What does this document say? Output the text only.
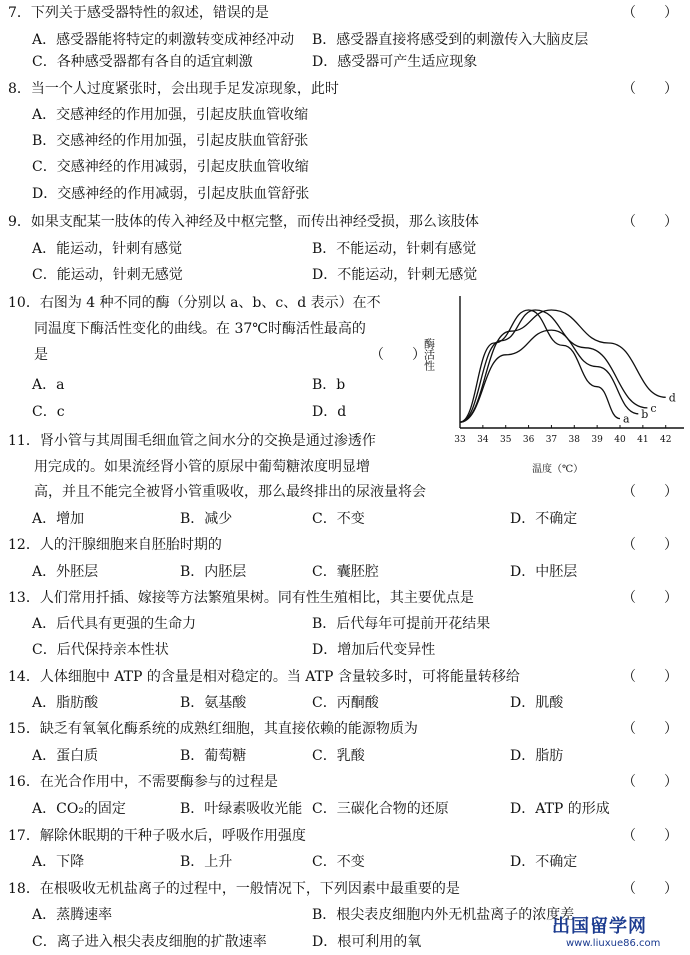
7．下列关于感受器特性的叙述，错误的是	（　　）
A．感受器能将特定的刺激转变成神经冲动 B．感受器直接将感受到的刺激传入大脑皮层
C．各种感受器都有各自的适宜刺激	D．感受器可产生适应现象
8．当一个人过度紧张时，会出现手足发凉现象，此时	（　　）
A．交感神经的作用加强，引起皮肤血管收缩
B．交感神经的作用加强，引起皮肤血管舒张
C．交感神经的作用减弱，引起皮肤血管收缩
D．交感神经的作用减弱，引起皮肤血管舒张
9．如果支配某一肢体的传入神经及中枢完整，而传出神经受损，那么该肢体	（　　）
A．能运动，针刺有感觉	B．不能运动，针刺有感觉
C．能运动，针刺无感觉	D．不能运动，针刺无感觉
10．右图为 4 种不同的酶（分别以 a、b、c、d 表示）在不
同温度下酶活性变化的曲线。在 37℃时酶活性最高的
是	（　　）
A．a	B．b
C．c	D．d	a b c
d
33 34 35 36 37 38 39 40 41 42
酶活性
温度（℃）
11．肾小管与其周围毛细血管之间水分的交换是通过渗透作
用完成的。如果流经肾小管的原尿中葡萄糖浓度明显增
高，并且不能完全被肾小管重吸收，那么最终排出的尿液量将会	（　　）
A．增加	B．减少	C．不变	D．不确定
12．人的汗腺细胞来自胚胎时期的	（　　）
A．外胚层	B．内胚层	C．囊胚腔	D．中胚层
13．人们常用扦插、嫁接等方法繁殖果树。同有性生殖相比，其主要优点是	（　　）
A．后代具有更强的生命力	B．后代每年可提前开花结果
C．后代保持亲本性状	D．增加后代变异性
14．人体细胞中 ATP 的含量是相对稳定的。当 ATP 含量较多时，可将能量转移给	（　　）
A．脂肪酸	B．氨基酸	C．丙酮酸	D．肌酸
15．缺乏有氧氧化酶系统的成熟红细胞，其直接依赖的能源物质为	（　　）
A．蛋白质	B．葡萄糖	C．乳酸	D．脂肪
16．在光合作用中，不需要酶参与的过程是	（　　）
A．CO₂的固定	B．叶绿素吸收光能 C．三碳化合物的还原	D．ATP 的形成
17．解除休眠期的干种子吸水后，呼吸作用强度	（　　）
A．下降	B．上升	C．不变	D．不确定
18．在根吸收无机盐离子的过程中，一般情况下，下列因素中最重要的是	（　　）
A．蒸腾速率	B．根尖表皮细胞内外无机盐离子的浓度差
C．离子进入根尖表皮细胞的扩散速率	D．根可利用的氧
出国留学网
www.liuxue86.com
